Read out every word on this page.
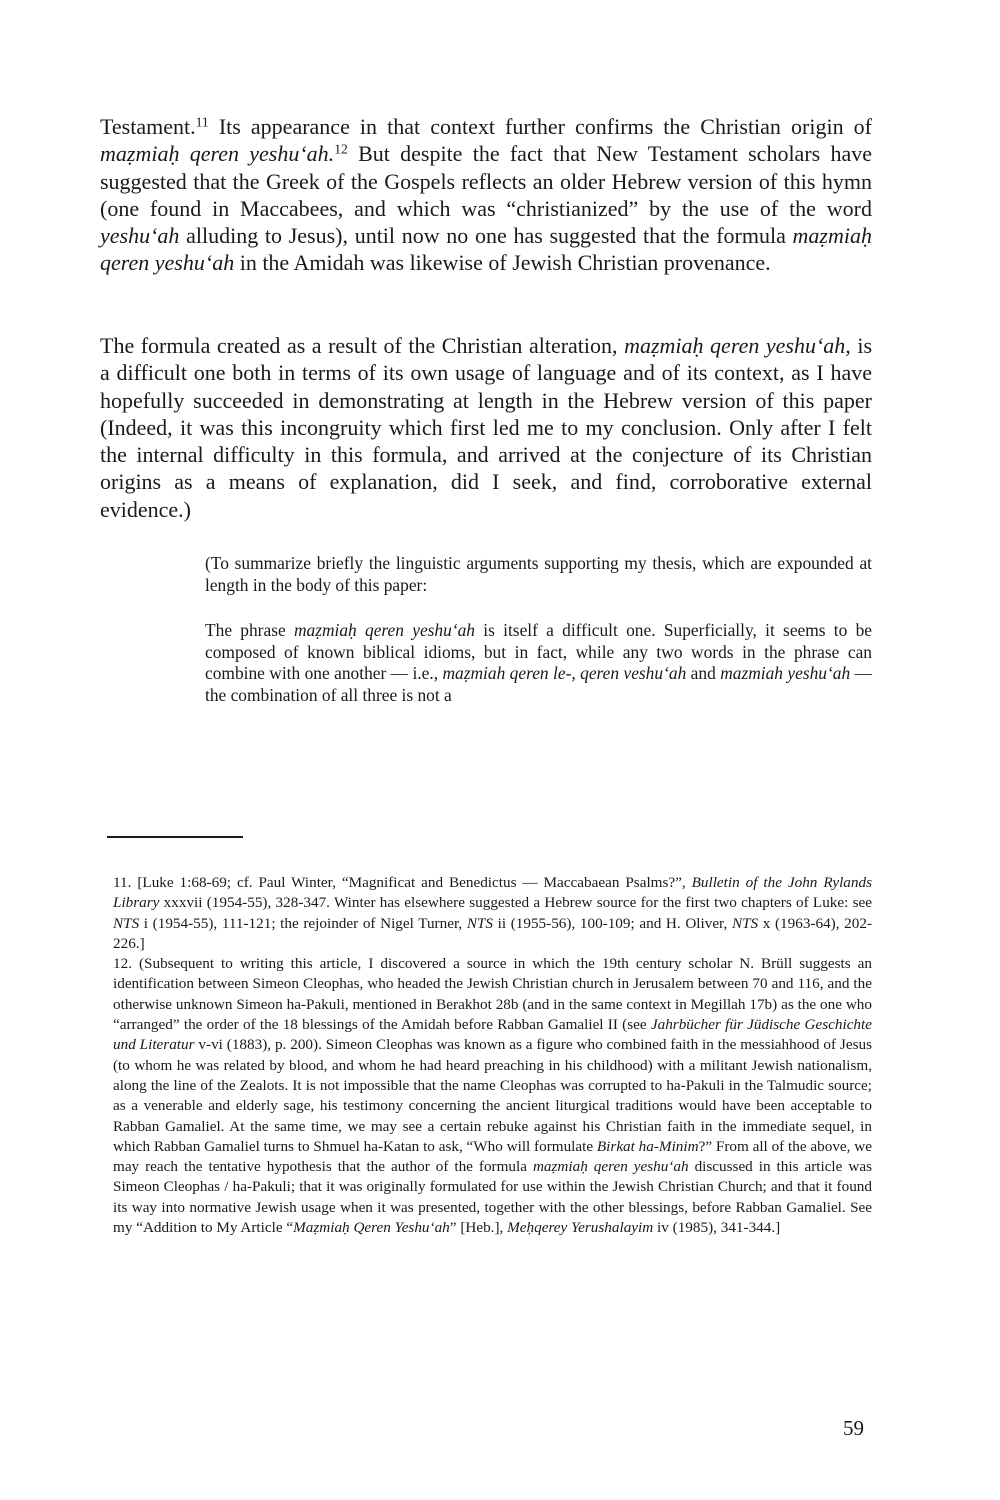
Testament.$^{11}$ Its appearance in that context further confirms the Christian origin of maẓmiaḥ qeren yeshu‘ah.$^{12}$ But despite the fact that New Testament scholars have suggested that the Greek of the Gospels reflects an older Hebrew version of this hymn (one found in Maccabees, and which was “christianized” by the use of the word yeshu‘ah alluding to Jesus), until now no one has suggested that the formula maẓmiaḥ qeren yeshu‘ah in the Amidah was likewise of Jewish Christian provenance.

The formula created as a result of the Christian alteration, maẓmiaḥ qeren yeshu‘ah, is a difficult one both in terms of its own usage of language and of its context, as I have hopefully succeeded in demonstrating at length in the Hebrew version of this paper (Indeed, it was this incongruity which first led me to my conclusion. Only after I felt the internal difficulty in this formula, and arrived at the conjecture of its Christian origins as a means of explanation, did I seek, and find, corroborative external evidence.)

(To summarize briefly the linguistic arguments supporting my thesis, which are expounded at length in the body of this paper:

The phrase maẓmiaḥ qeren yeshu‘ah is itself a difficult one. Superficially, it seems to be composed of known biblical idioms, but in fact, while any two words in the phrase can combine with one another — i.e., maẓmiah qeren le-, qeren veshu‘ah and mazmiah yeshu‘ah — the combination of all three is not a

11. [Luke 1:68-69; cf. Paul Winter, “Magnificat and Benedictus — Maccabaean Psalms?”, Bulletin of the John Rylands Library xxxvii (1954-55), 328-347. Winter has elsewhere suggested a Hebrew source for the first two chapters of Luke: see NTS i (1954-55), 111-121; the rejoinder of Nigel Turner, NTS ii (1955-56), 100-109; and H. Oliver, NTS x (1963-64), 202-226.]
12. (Subsequent to writing this article, I discovered a source in which the 19th century scholar N. Brüll suggests an identification between Simeon Cleophas, who headed the Jewish Christian church in Jerusalem between 70 and 116, and the otherwise unknown Simeon ha-Pakuli, mentioned in Berakhot 28b (and in the same context in Megillah 17b) as the one who “arranged” the order of the 18 blessings of the Amidah before Rabban Gamaliel II (see Jahrbücher für Jüdische Geschichte und Literatur v-vi (1883), p. 200). Simeon Cleophas was known as a figure who combined faith in the messiahhood of Jesus (to whom he was related by blood, and whom he had heard preaching in his childhood) with a militant Jewish nationalism, along the line of the Zealots. It is not impossible that the name Cleophas was corrupted to ha-Pakuli in the Talmudic source; as a venerable and elderly sage, his testimony concerning the ancient liturgical traditions would have been acceptable to Rabban Gamaliel. At the same time, we may see a certain rebuke against his Christian faith in the immediate sequel, in which Rabban Gamaliel turns to Shmuel ha-Katan to ask, “Who will formulate Birkat ha-Minim?” From all of the above, we may reach the tentative hypothesis that the author of the formula maẓmiaḥ qeren yeshu‘ah discussed in this article was Simeon Cleophas / ha-Pakuli; that it was originally formulated for use within the Jewish Christian Church; and that it found its way into normative Jewish usage when it was presented, together with the other blessings, before Rabban Gamaliel. See my “Addition to My Article “Maẓmiaḥ Qeren Yeshu‘ah” [Heb.], Meḥqerey Yerushalayim iv (1985), 341-344.]
59
